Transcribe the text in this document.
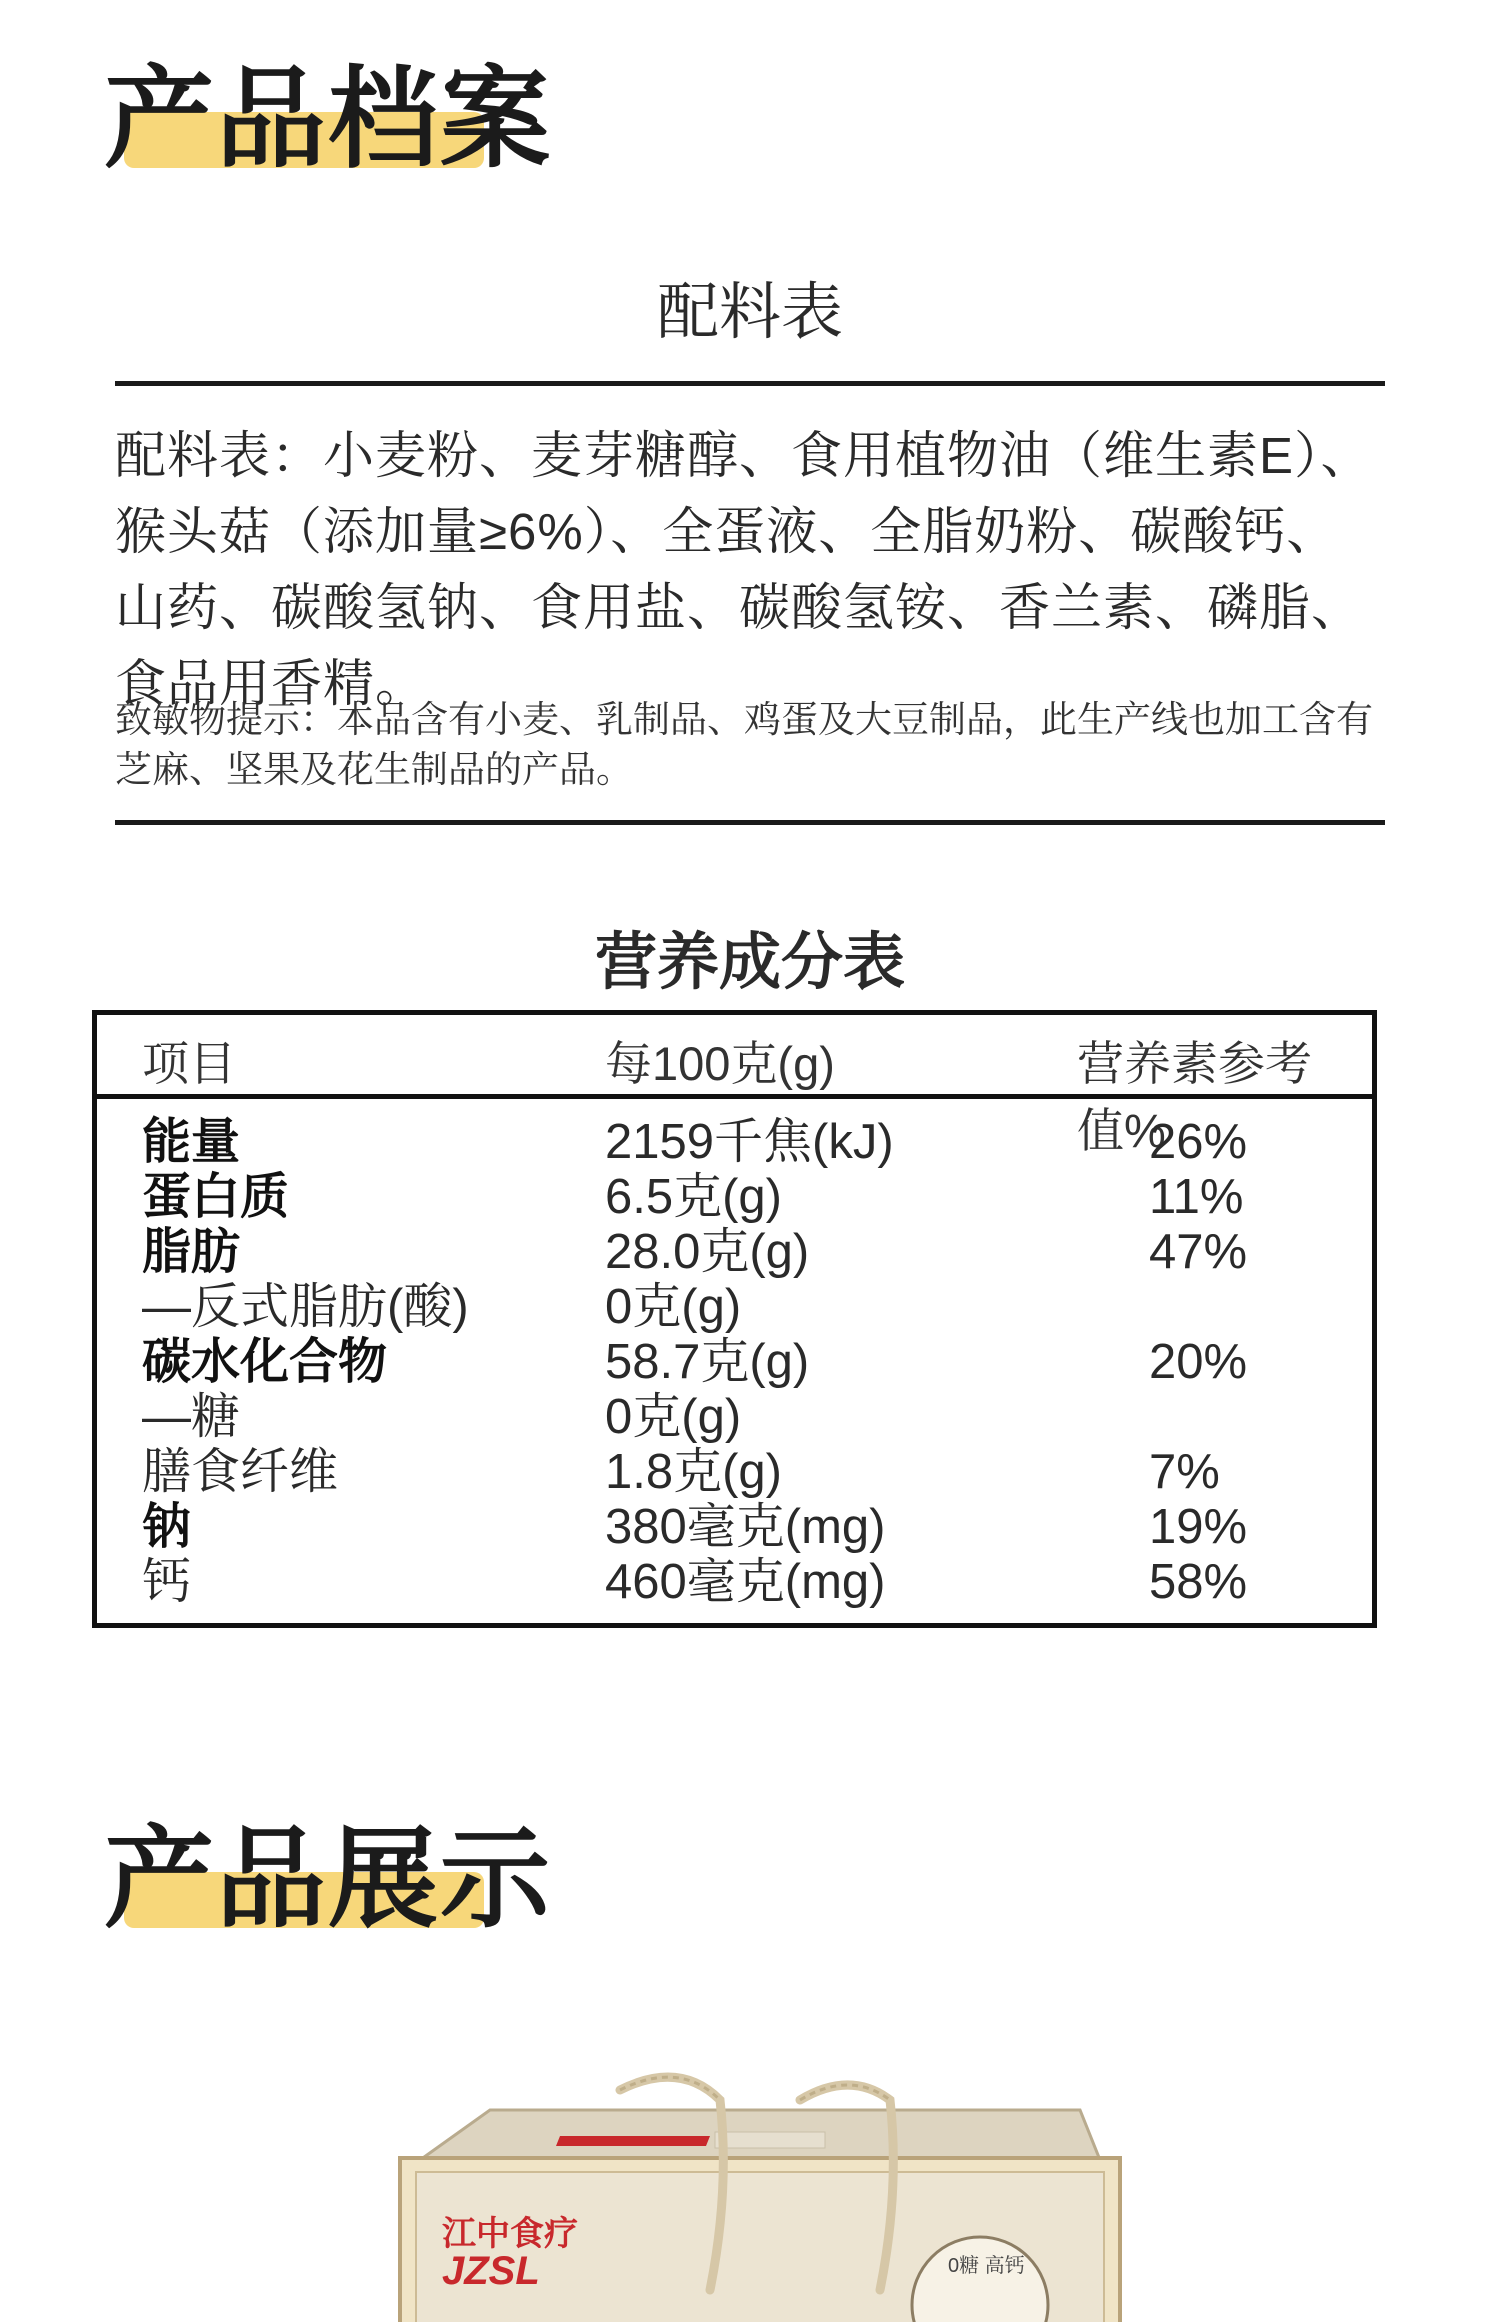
产品档案
配料表
配料表：小麦粉、麦芽糖醇、食用植物油（维生素E）、猴头菇（添加量≥6%）、全蛋液、全脂奶粉、碳酸钙、山药、碳酸氢钠、食用盐、碳酸氢铵、香兰素、磷脂、食品用香精。
致敏物提示：本品含有小麦、乳制品、鸡蛋及大豆制品，此生产线也加工含有芝麻、坚果及花生制品的产品。
营养成分表
项目	每100克(g)	营养素参考值%
能量	2159千焦(kJ)	26%
蛋白质	6.5克(g)	11%
脂肪	28.0克(g)	47%
—反式脂肪(酸)	0克(g)
碳水化合物	58.7克(g)	20%
—糖	0克(g)
膳食纤维	1.8克(g)	7%
钠	380毫克(mg)	19%
钙	460毫克(mg)	58%
产品展示
江中食疗
JZSL	0糖 高钙
